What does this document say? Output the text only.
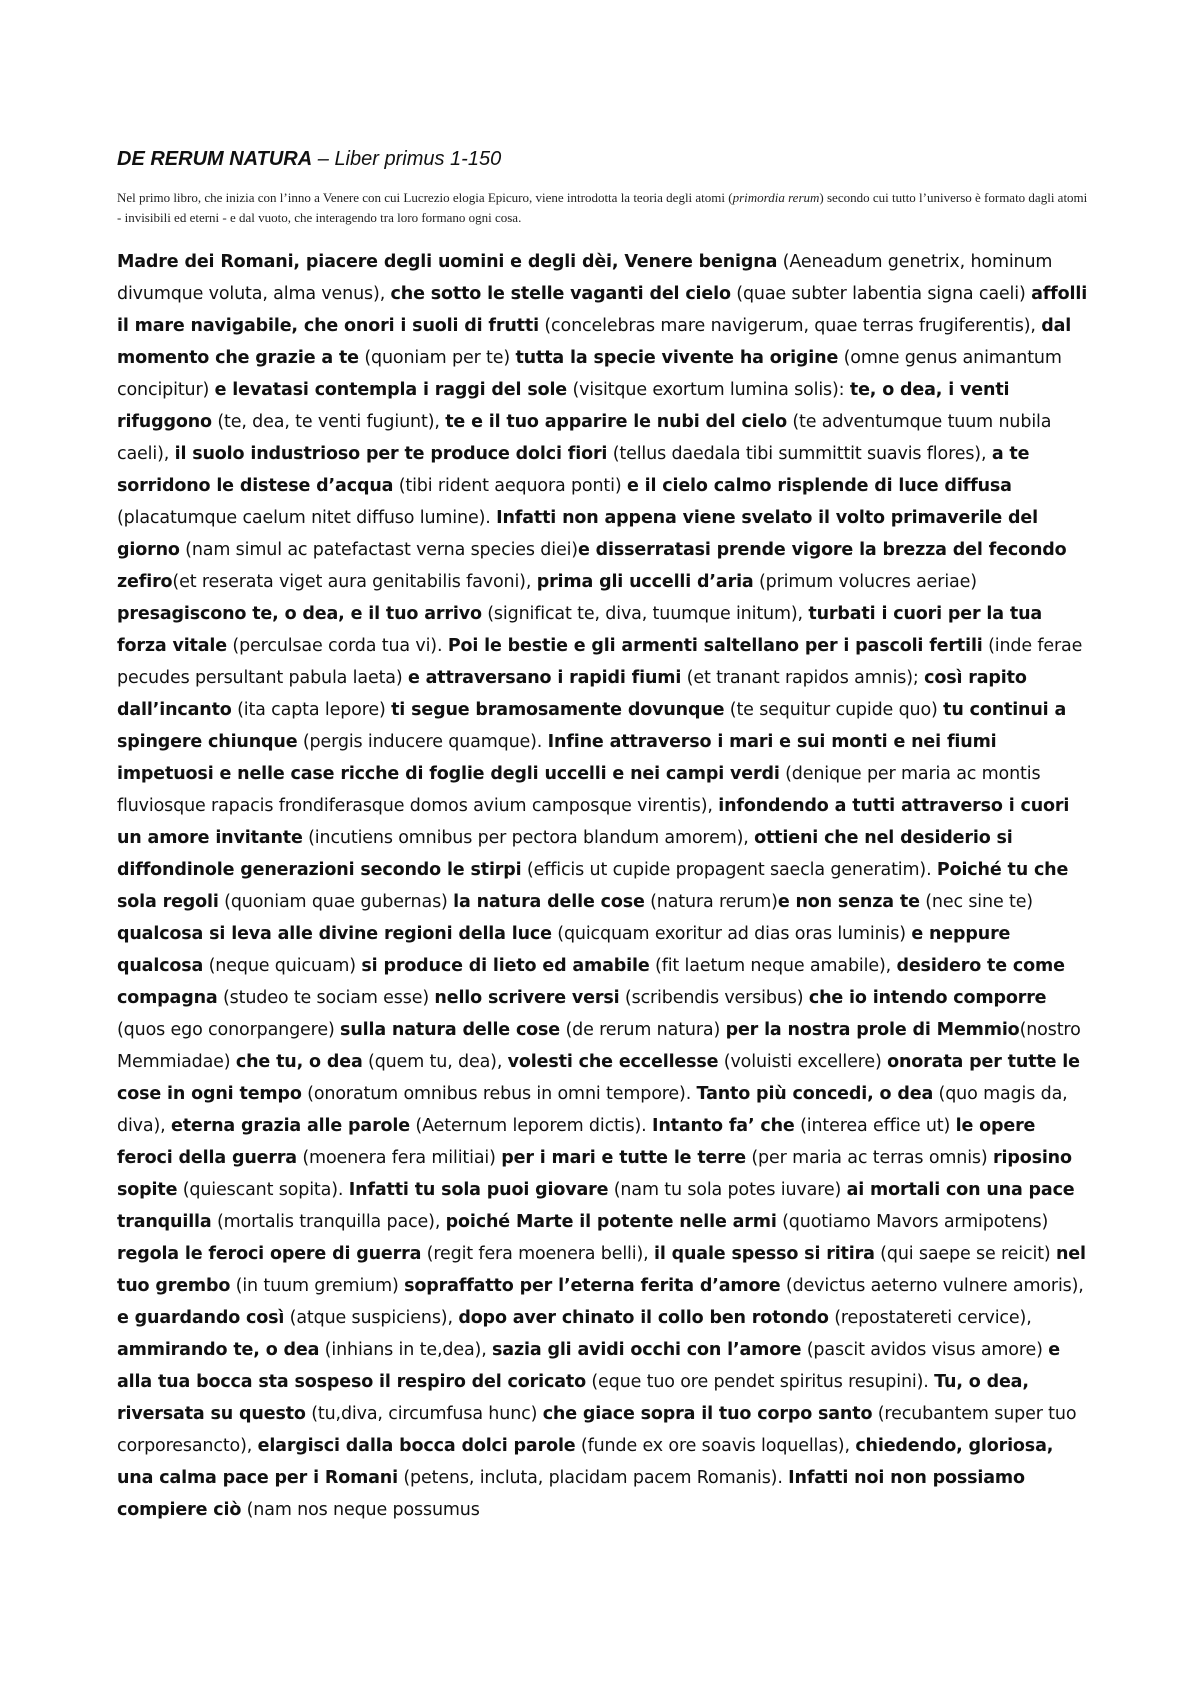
DE RERUM NATURA – Liber primus 1-150

Nel primo libro, che inizia con l’inno a Venere con cui Lucrezio elogia Epicuro, viene introdotta la teoria degli atomi (primordia rerum) secondo cui tutto l’universo è formato dagli atomi - invisibili ed eterni - e dal vuoto, che interagendo tra loro formano ogni cosa.

Madre dei Romani, piacere degli uomini e degli dèi, Venere benigna (Aeneadum genetrix, hominum divumque voluta, alma venus), che sotto le stelle vaganti del cielo (quae subter labentia signa caeli) affolli il mare navigabile, che onori i suoli di frutti (concelebras mare navigerum, quae terras frugiferentis), dal momento che grazie a te (quoniam per te) tutta la specie vivente ha origine (omne genus animantum concipitur) e levatasi contempla i raggi del sole (visitque exortum lumina solis): te, o dea, i venti rifuggono (te, dea, te venti fugiunt), te e il tuo apparire le nubi del cielo (te adventumque tuum nubila caeli), il suolo industrioso per te produce dolci fiori (tellus daedala tibi summittit suavis flores), a te sorridono le distese d’acqua (tibi rident aequora ponti) e il cielo calmo risplende di luce diffusa (placatumque caelum nitet diffuso lumine). Infatti non appena viene svelato il volto primaverile del giorno (nam simul ac patefactast verna species diei)e disserratasi prende vigore la brezza del fecondo zefiro(et reserata viget aura genitabilis favoni), prima gli uccelli d’aria (primum volucres aeriae) presagiscono te, o dea, e il tuo arrivo (significat te, diva, tuumque initum), turbati i cuori per la tua forza vitale (perculsae corda tua vi). Poi le bestie e gli armenti saltellano per i pascoli fertili (inde ferae pecudes persultant pabula laeta) e attraversano i rapidi fiumi (et tranant rapidos amnis); così rapito dall’incanto (ita capta lepore) ti segue bramosamente dovunque (te sequitur cupide quo) tu continui a spingere chiunque (pergis inducere quamque). Infine attraverso i mari e sui monti e nei fiumi impetuosi e nelle case ricche di foglie degli uccelli e nei campi verdi (denique per maria ac montis fluviosque rapacis frondiferasque domos avium camposque virentis), infondendo a tutti attraverso i cuori un amore invitante (incutiens omnibus per pectora blandum amorem), ottieni che nel desiderio si diffondinole generazioni secondo le stirpi (efficis ut cupide propagent saecla generatim). Poiché tu che sola regoli (quoniam quae gubernas) la natura delle cose (natura rerum)e non senza te (nec sine te) qualcosa si leva alle divine regioni della luce (quicquam exoritur ad dias oras luminis) e neppure qualcosa (neque quicuam) si produce di lieto ed amabile (fit laetum neque amabile), desidero te come compagna (studeo te sociam esse) nello scrivere versi (scribendis versibus) che io intendo comporre (quos ego conorpangere) sulla natura delle cose (de rerum natura) per la nostra prole di Memmio(nostro Memmiadae) che tu, o dea (quem tu, dea), volesti che eccellesse (voluisti excellere) onorata per tutte le cose in ogni tempo (onoratum omnibus rebus in omni tempore). Tanto più concedi, o dea (quo magis da, diva), eterna grazia alle parole (Aeternum leporem dictis). Intanto fa’ che (interea effice ut) le opere feroci della guerra (moenera fera militiai) per i mari e tutte le terre (per maria ac terras omnis) riposino sopite (quiescant sopita). Infatti tu sola puoi giovare (nam tu sola potes iuvare) ai mortali con una pace tranquilla (mortalis tranquilla pace), poiché Marte il potente nelle armi (quotiamo Mavors armipotens) regola le feroci opere di guerra (regit fera moenera belli), il quale spesso si ritira (qui saepe se reicit) nel tuo grembo (in tuum gremium) sopraffatto per l’eterna ferita d’amore (devictus aeterno vulnere amoris), e guardando così (atque suspiciens), dopo aver chinato il collo ben rotondo (repostatereti cervice), ammirando te, o dea (inhians in te,dea), sazia gli avidi occhi con l’amore (pascit avidos visus amore) e alla tua bocca sta sospeso il respiro del coricato (eque tuo ore pendet spiritus resupini). Tu, o dea, riversata su questo (tu,diva, circumfusa hunc) che giace sopra il tuo corpo santo (recubantem super tuo corporesancto), elargisci dalla bocca dolci parole (funde ex ore soavis loquellas), chiedendo, gloriosa, una calma pace per i Romani (petens, incluta, placidam pacem Romanis). Infatti noi non possiamo compiere ciò (nam nos neque possumus
